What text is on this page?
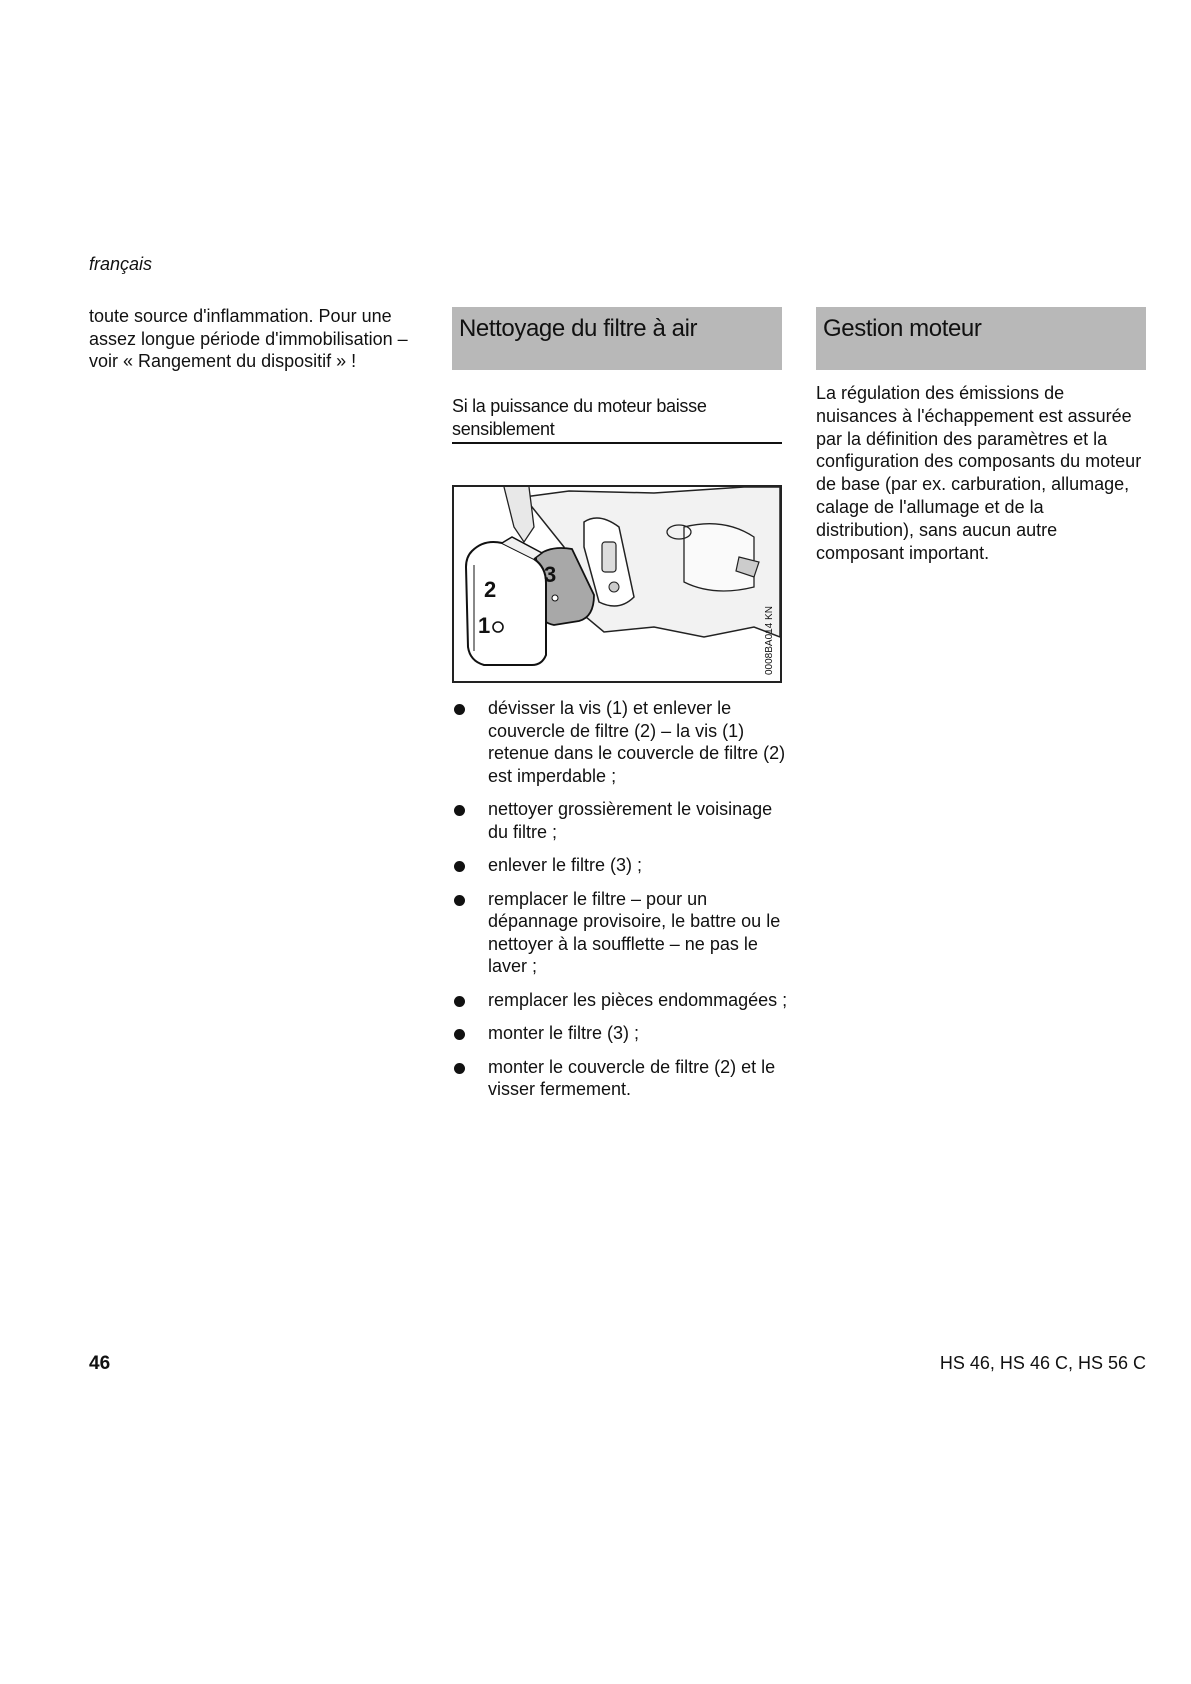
français

toute source d'inflammation. Pour une assez longue période d'immobilisation – voir « Rangement du dispositif » !

Nettoyage du filtre à air
Si la puissance du moteur baisse sensiblement
3
2
1	0008BA014 KN
dévisser la vis (1) et enlever le couvercle de filtre (2) – la vis (1) retenue dans le couvercle de filtre (2) est imperdable ;
nettoyer grossièrement le voisinage du filtre ;
enlever le filtre (3) ;
remplacer le filtre – pour un dépannage provisoire, le battre ou le nettoyer à la soufflette – ne pas le laver ;
remplacer les pièces endommagées ;
monter le filtre (3) ;
monter le couvercle de filtre (2) et le visser fermement.
Gestion moteur

La régulation des émissions de nuisances à l'échappement est assurée par la définition des paramètres et la configuration des composants du moteur de base (par ex. carburation, allumage, calage de l'allumage et de la distribution), sans aucun autre composant important.

46	HS 46, HS 46 C, HS 56 C
